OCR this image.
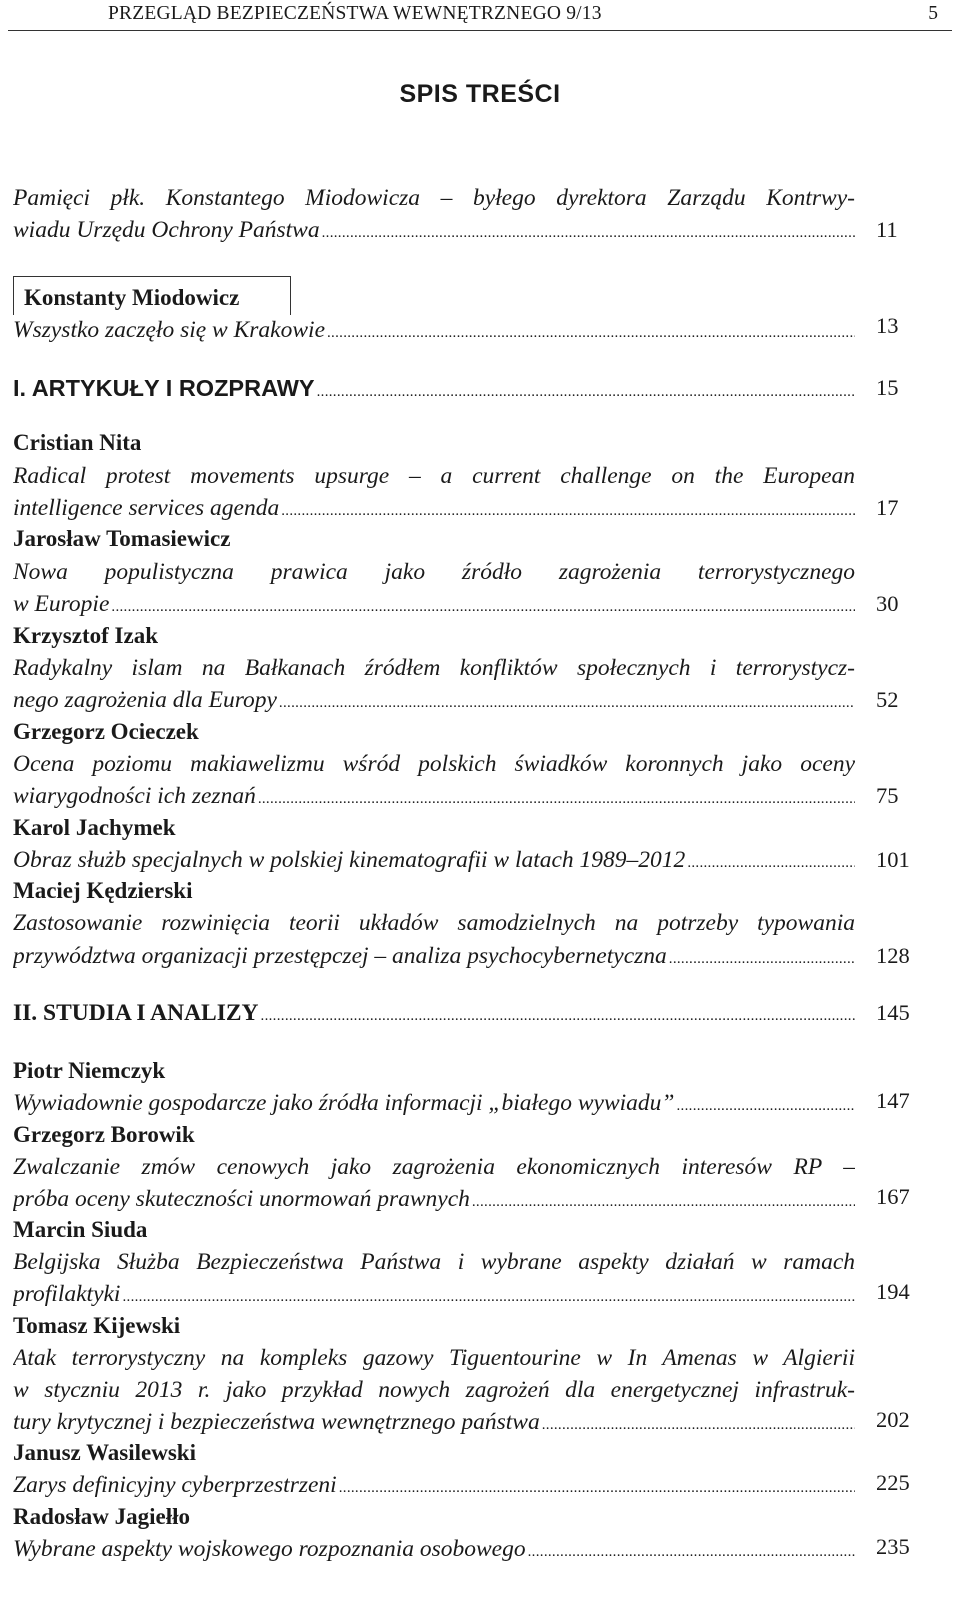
PRZEGLĄD BEZPIECZEŃSTWA WEWNĘTRZNEGO 9/13	5
SPIS TREŚCI
Pamięci płk. Konstantego Miodowicza – byłego dyrektora Zarządu Kontrwy-
wiadu Urzędu Ochrony Państwa .....	11
Konstanty Miodowicz
Wszystko zaczęło się w Krakowie .....	13
I. ARTYKUŁY I ROZPRAWY .....	15
Cristian Nita
Radical protest movements upsurge – a current challenge on the European
intelligence services agenda .....	17
Jarosław Tomasiewicz
Nowa populistyczna prawica jako źródło zagrożenia terrorystycznego
w Europie .....	30
Krzysztof Izak
Radykalny islam na Bałkanach źródłem konfliktów społecznych i terrorystycz-
nego zagrożenia dla Europy .....	52
Grzegorz Ocieczek
Ocena poziomu makiawelizmu wśród polskich świadków koronnych jako oceny
wiarygodności ich zeznań .....	75
Karol Jachymek
Obraz służb specjalnych w polskiej kinematografii w latach 1989–2012 .....	101
Maciej Kędzierski
Zastosowanie rozwinięcia teorii układów samodzielnych na potrzeby typowania
przywództwa organizacji przestępczej – analiza psychocybernetyczna .....	128
II. STUDIA I ANALIZY .....	145
Piotr Niemczyk
Wywiadownie gospodarcze jako źródła informacji „białego wywiadu” .....	147
Grzegorz Borowik
Zwalczanie zmów cenowych jako zagrożenia ekonomicznych interesów RP –
próba oceny skuteczności unormowań prawnych .....	167
Marcin Siuda
Belgijska Służba Bezpieczeństwa Państwa i wybrane aspekty działań w ramach
profilaktyki .....	194
Tomasz Kijewski
Atak terrorystyczny na kompleks gazowy Tiguentourine w In Amenas w Algierii
w styczniu 2013 r. jako przykład nowych zagrożeń dla energetycznej infrastruk-
tury krytycznej i bezpieczeństwa wewnętrznego państwa .....	202
Janusz Wasilewski
Zarys definicyjny cyberprzestrzeni .....	225
Radosław Jagiełło
Wybrane aspekty wojskowego rozpoznania osobowego .....	235
